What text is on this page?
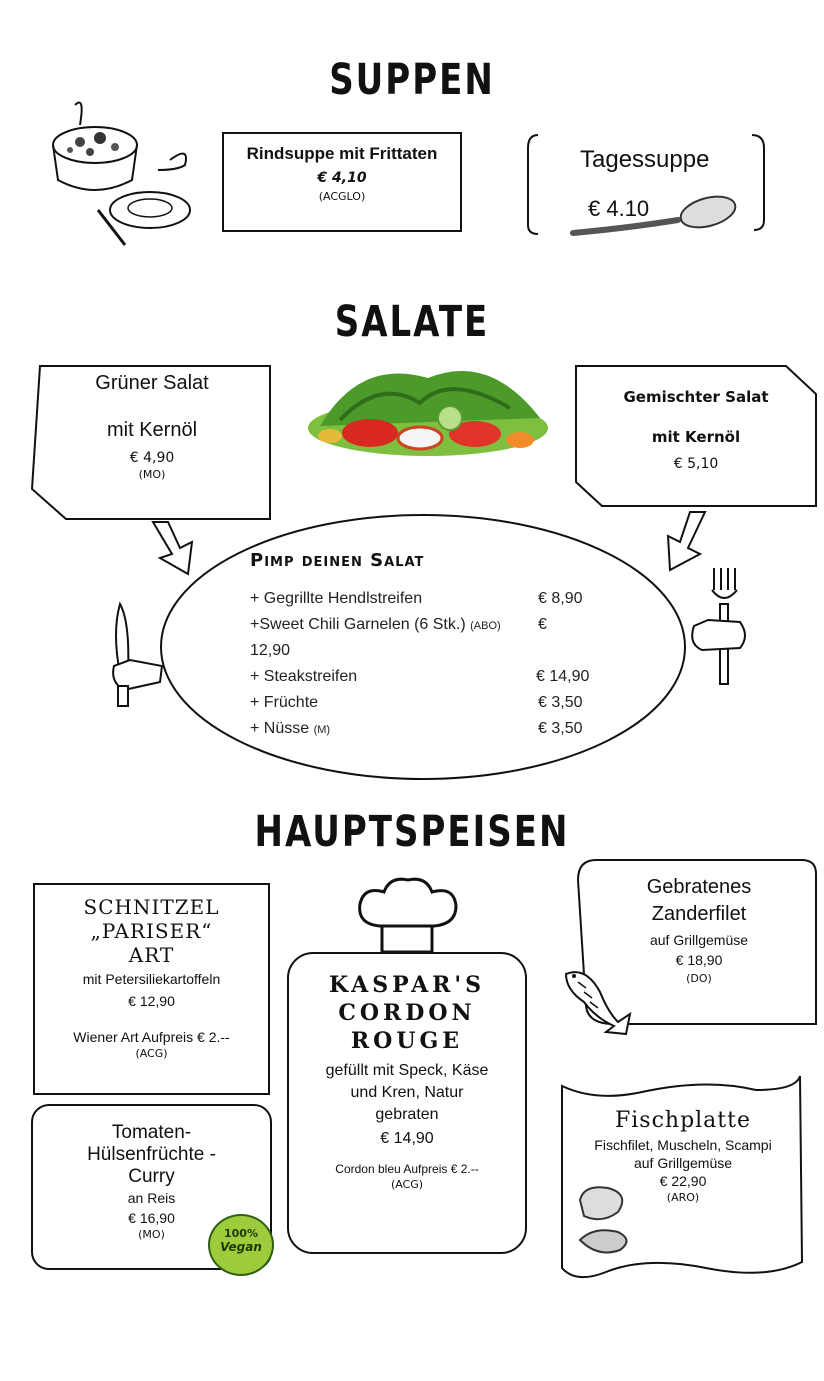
SUPPEN
Rindsuppe mit Frittaten
€ 4,10
(ACGLO)
Tagessuppe
€ 4.10
SALATE
Grüner Salat
mit Kernöl
€ 4,90
(MO)
Gemischter Salat
mit Kernöl
€ 5,10
Pimp deinen Salat
+ Gegrillte Hendlstreifen	€ 8,90
+Sweet Chili Garnelen (6 Stk.) (ABO) €
12,90
+ Steakstreifen	€ 14,90
+ Früchte	€ 3,50
+ Nüsse (M)	€ 3,50
HAUPTSPEISEN
SCHNITZEL
„PARISER“
ART
mit Petersiliekartoffeln
€ 12,90
Wiener Art Aufpreis € 2.--
(ACG)
Tomaten-
Hülsenfrüchte -
Curry
an Reis
€ 16,90
(MO)	100%
Vegan
KASPAR'S
CORDON
ROUGE
gefüllt mit Speck, Käse
und Kren, Natur
gebraten
€ 14,90
Cordon bleu Aufpreis € 2.--
(ACG)
Gebratenes
Zanderfilet
auf Grillgemüse
€ 18,90
(DO)
Fischplatte
Fischfilet, Muscheln, Scampi
auf Grillgemüse
€ 22,90
(ARO)
